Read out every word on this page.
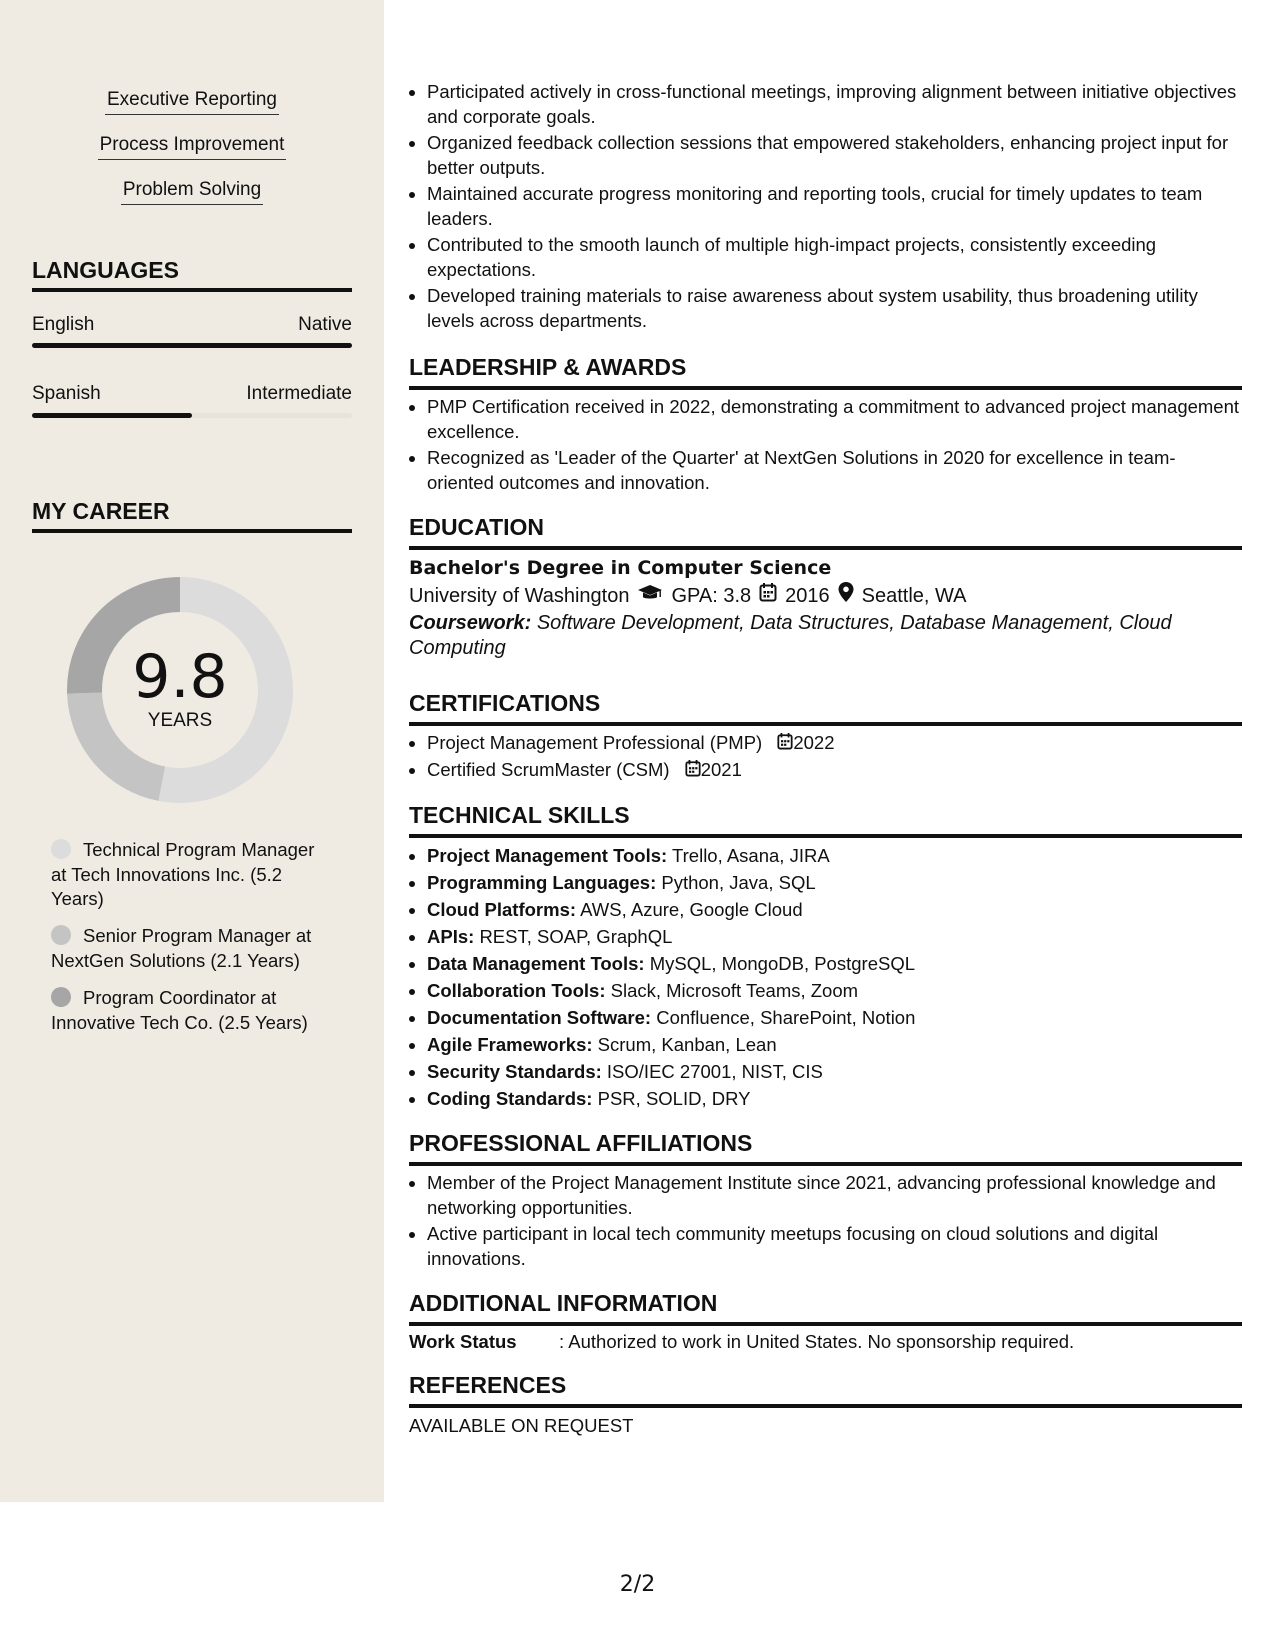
Executive Reporting
Process Improvement
Problem Solving
LANGUAGES
English	Native
Spanish	Intermediate
MY CAREER
9.8
YEARS
Technical Program Manager at Tech Innovations Inc. (5.2 Years)
Senior Program Manager at NextGen Solutions (2.1 Years)
Program Coordinator at Innovative Tech Co. (2.5 Years)
• Participated actively in cross-functional meetings, improving alignment between initiative objectives and corporate goals.
• Organized feedback collection sessions that empowered stakeholders, enhancing project input for better outputs.
• Maintained accurate progress monitoring and reporting tools, crucial for timely updates to team leaders.
• Contributed to the smooth launch of multiple high-impact projects, consistently exceeding expectations.
• Developed training materials to raise awareness about system usability, thus broadening utility levels across departments.
LEADERSHIP & AWARDS
• PMP Certification received in 2022, demonstrating a commitment to advanced project management excellence.
• Recognized as 'Leader of the Quarter' at NextGen Solutions in 2020 for excellence in team-oriented outcomes and innovation.
EDUCATION
Bachelor's Degree in Computer Science
University of Washington GPA: 3.8 2016 Seattle, WA
Coursework: Software Development, Data Structures, Database Management, Cloud Computing
CERTIFICATIONS
• Project Management Professional (PMP) 2022
• Certified ScrumMaster (CSM) 2021
TECHNICAL SKILLS
• Project Management Tools: Trello, Asana, JIRA
• Programming Languages: Python, Java, SQL
• Cloud Platforms: AWS, Azure, Google Cloud
• APIs: REST, SOAP, GraphQL
• Data Management Tools: MySQL, MongoDB, PostgreSQL
• Collaboration Tools: Slack, Microsoft Teams, Zoom
• Documentation Software: Confluence, SharePoint, Notion
• Agile Frameworks: Scrum, Kanban, Lean
• Security Standards: ISO/IEC 27001, NIST, CIS
• Coding Standards: PSR, SOLID, DRY
PROFESSIONAL AFFILIATIONS
• Member of the Project Management Institute since 2021, advancing professional knowledge and networking opportunities.
• Active participant in local tech community meetups focusing on cloud solutions and digital innovations.
ADDITIONAL INFORMATION
Work Status	: Authorized to work in United States. No sponsorship required.
REFERENCES
AVAILABLE ON REQUEST
2/2
